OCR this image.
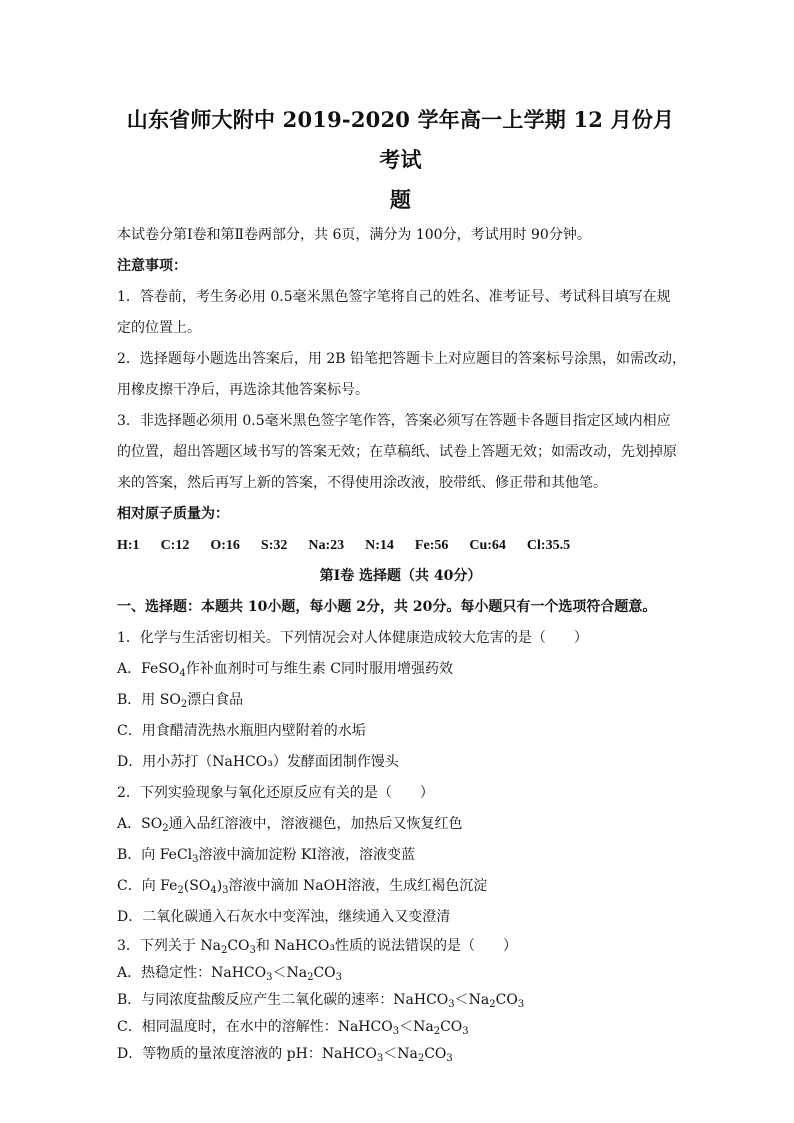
山东省师大附中 2019-2020 学年高一上学期 12 月份月考试
题

本试卷分第Ⅰ卷和第Ⅱ卷两部分，共 6页，满分为 100分，考试用时 90分钟。

注意事项：

1．答卷前，考生务必用 0.5毫米黑色签字笔将自己的姓名、准考证号、考试科目填写在规

定的位置上。

2．选择题每小题选出答案后，用 2B 铅笔把答题卡上对应题目的答案标号涂黑，如需改动，

用橡皮擦干净后，再选涂其他答案标号。

3．非选择题必须用 0.5毫米黑色签字笔作答，答案必须写在答题卡各题目指定区域内相应

的位置，超出答题区域书写的答案无效；在草稿纸、试卷上答题无效；如需改动，先划掉原

来的答案，然后再写上新的答案，不得使用涂改液，胶带纸、修正带和其他笔。

相对原子质量为：

H:1 C:12 O:16 S:32 Na:23 N:14 Fe:56 Cu:64 Cl:35.5

第Ⅰ卷 选择题（共 40分）

一、选择题：本题共 10小题，每小题 2分，共 20分。每小题只有一个选项符合题意。

1．化学与生活密切相关。下列情况会对人体健康造成较大危害的是（　　）

A．FeSO$_4$作补血剂时可与维生素 C同时服用增强药效

B．用 $SO_2$漂白食品

C．用食醋清洗热水瓶胆内壁附着的水垢

D．用小苏打（NaHCO₃）发酵面团制作馒头

2．下列实验现象与氧化还原反应有关的是（　　）

A．$SO_2$通入品红溶液中，溶液褪色，加热后又恢复红色

B．向 FeCl$_3$溶液中滴加淀粉 KI溶液，溶液变蓝

C．向 $Fe_2(SO_4)_3$溶液中滴加 NaOH溶液，生成红褐色沉淀

D．二氧化碳通入石灰水中变浑浊，继续通入又变澄清

3．下列关于 $Na_2CO_3$和 NaHCO₃性质的说法错误的是（　　）

A．热稳定性：$NaHCO_3<Na_2CO_3$

B．与同浓度盐酸反应产生二氧化碳的速率：$NaHCO_3<Na_2CO_3$

C．相同温度时，在水中的溶解性：$NaHCO_3<Na_2CO_3$

D．等物质的量浓度溶液的 pH：$NaHCO_3<Na_2CO_3$
